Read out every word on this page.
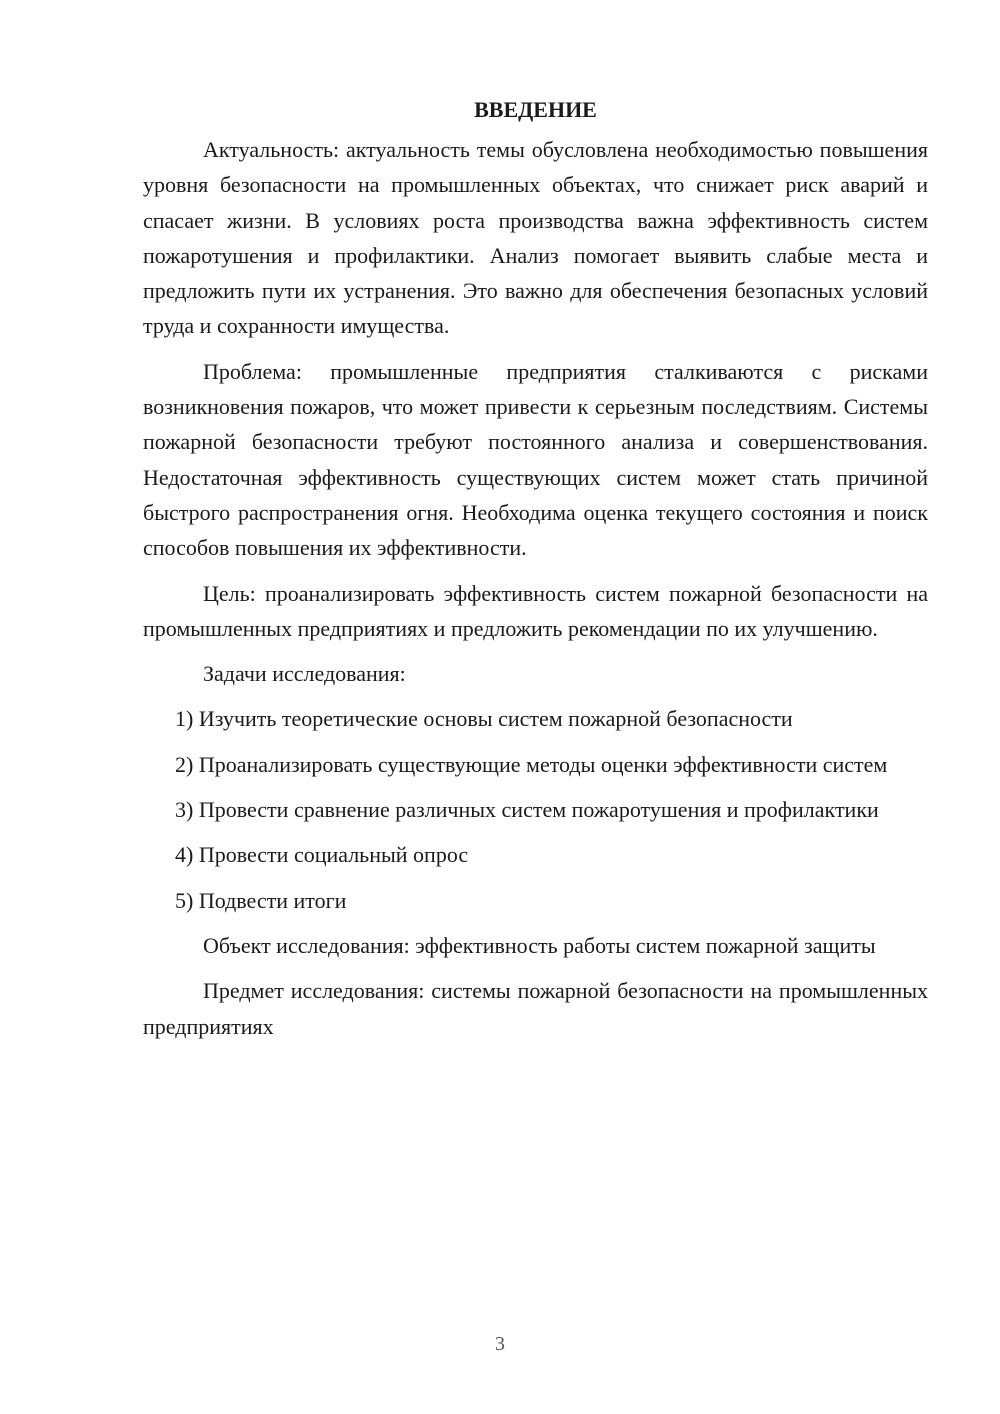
ВВЕДЕНИЕ

Актуальность: актуальность темы обусловлена необходимостью повышения уровня безопасности на промышленных объектах, что снижает риск аварий и спасает жизни. В условиях роста производства важна эффективность систем пожаротушения и профилактики. Анализ помогает выявить слабые места и предложить пути их устранения. Это важно для обеспечения безопасных условий труда и сохранности имущества.

Проблема: промышленные предприятия сталкиваются с рисками возникновения пожаров, что может привести к серьезным последствиям. Системы пожарной безопасности требуют постоянного анализа и совершенствования. Недостаточная эффективность существующих систем может стать причиной быстрого распространения огня. Необходима оценка текущего состояния и поиск способов повышения их эффективности.

Цель: проанализировать эффективность систем пожарной безопасности на промышленных предприятиях и предложить рекомендации по их улучшению.

Задачи исследования:

1) Изучить теоретические основы систем пожарной безопасности

2) Проанализировать существующие методы оценки эффективности систем

3) Провести сравнение различных систем пожаротушения и профилактики

4) Провести социальный опрос

5) Подвести итоги

Объект исследования: эффективность работы систем пожарной защиты

Предмет исследования: системы пожарной безопасности на промышленных предприятиях

3
